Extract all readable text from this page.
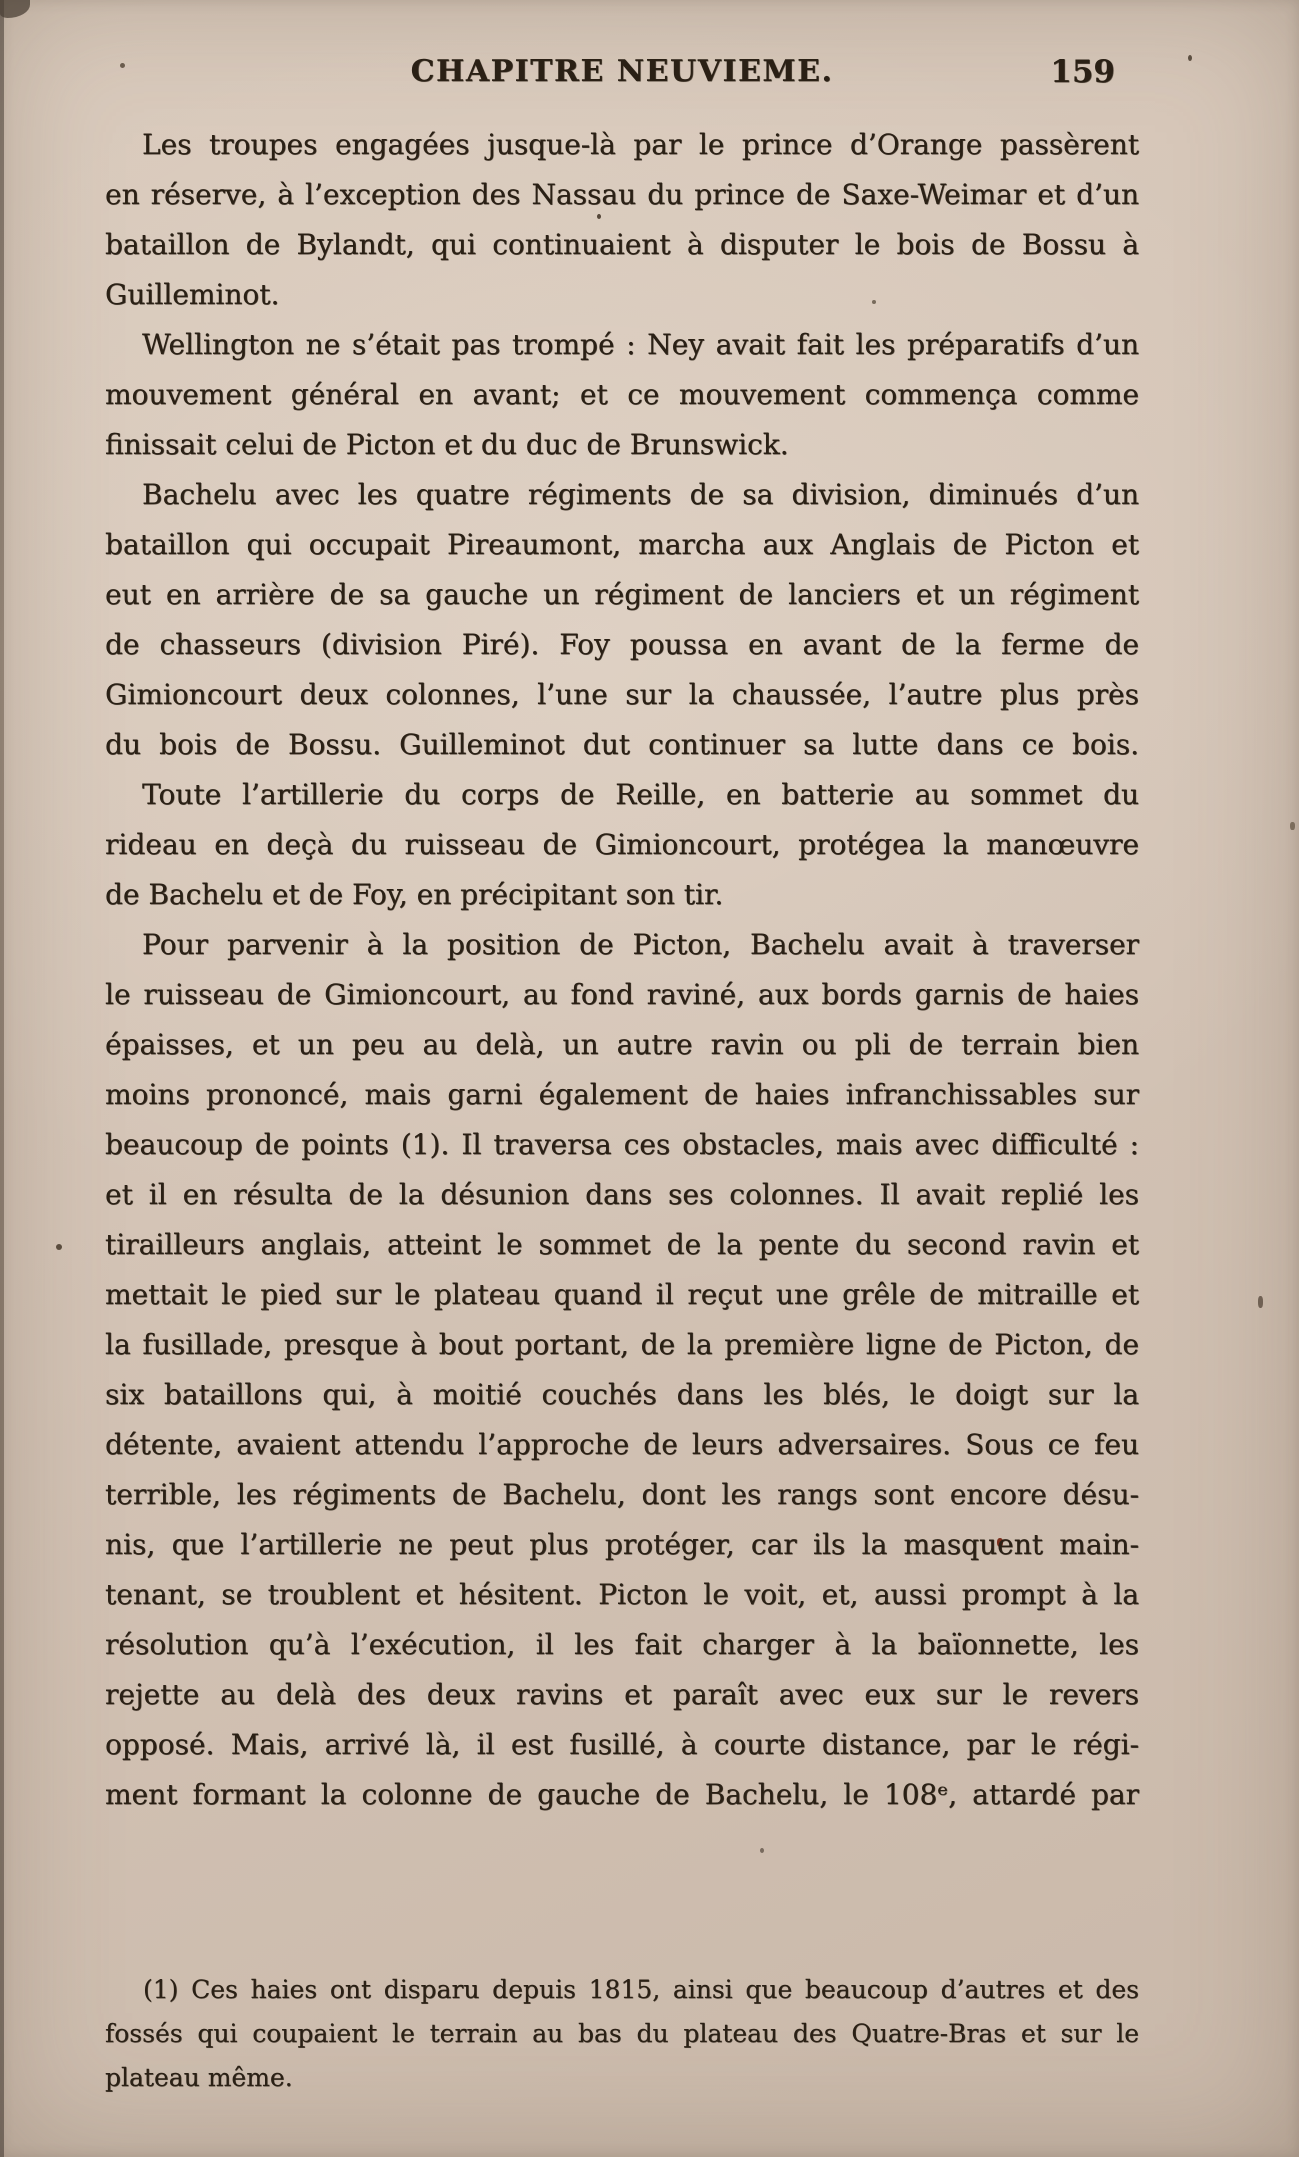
CHAPITRE NEUVIEME.	159
Les troupes engagées jusque-là par le prince d’Orange passèrent
en réserve, à l’exception des Nassau du prince de Saxe-Weimar et d’un
bataillon de Bylandt, qui continuaient à disputer le bois de Bossu à
Guilleminot.
Wellington ne s’était pas trompé : Ney avait fait les préparatifs d’un
mouvement général en avant; et ce mouvement commença comme
finissait celui de Picton et du duc de Brunswick.
Bachelu avec les quatre régiments de sa division, diminués d’un
bataillon qui occupait Pireaumont, marcha aux Anglais de Picton et
eut en arrière de sa gauche un régiment de lanciers et un régiment
de chasseurs (division Piré). Foy poussa en avant de la ferme de
Gimioncourt deux colonnes, l’une sur la chaussée, l’autre plus près
du bois de Bossu. Guilleminot dut continuer sa lutte dans ce bois.
Toute l’artillerie du corps de Reille, en batterie au sommet du
rideau en deçà du ruisseau de Gimioncourt, protégea la manœuvre
de Bachelu et de Foy, en précipitant son tir.
Pour parvenir à la position de Picton, Bachelu avait à traverser
le ruisseau de Gimioncourt, au fond raviné, aux bords garnis de haies
épaisses, et un peu au delà, un autre ravin ou pli de terrain bien
moins prononcé, mais garni également de haies infranchissables sur
beaucoup de points (1). Il traversa ces obstacles, mais avec difficulté :
et il en résulta de la désunion dans ses colonnes. Il avait replié les
tirailleurs anglais, atteint le sommet de la pente du second ravin et
mettait le pied sur le plateau quand il reçut une grêle de mitraille et
la fusillade, presque à bout portant, de la première ligne de Picton, de
six bataillons qui, à moitié couchés dans les blés, le doigt sur la
détente, avaient attendu l’approche de leurs adversaires. Sous ce feu
terrible, les régiments de Bachelu, dont les rangs sont encore désu-
nis, que l’artillerie ne peut plus protéger, car ils la masquent main-
tenant, se troublent et hésitent. Picton le voit, et, aussi prompt à la
résolution qu’à l’exécution, il les fait charger à la baïonnette, les
rejette au delà des deux ravins et paraît avec eux sur le revers
opposé. Mais, arrivé là, il est fusillé, à courte distance, par le régi-
ment formant la colonne de gauche de Bachelu, le 108ᵉ, attardé par
(1) Ces haies ont disparu depuis 1815, ainsi que beaucoup d’autres et des
fossés qui coupaient le terrain au bas du plateau des Quatre-Bras et sur le
plateau même.
